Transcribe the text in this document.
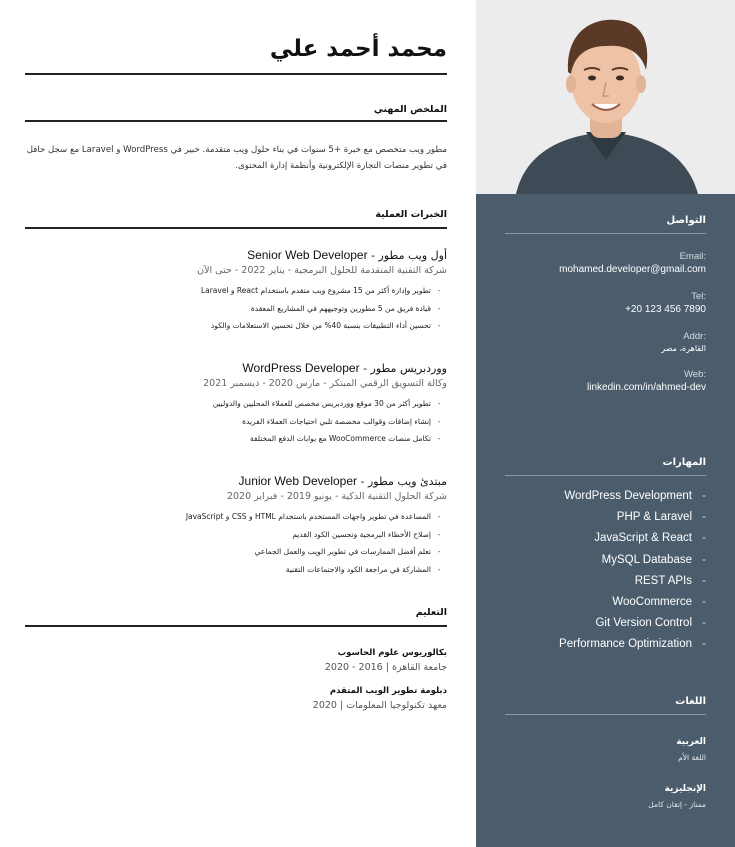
التواصل
Email:
mohamed.developer@gmail.com
Tel:
+20 123 456 7890
Addr:
القاهرة، مصر
Web:
linkedin.com/in/ahmed-dev
المهارات
WordPress Development -
PHP & Laravel -
JavaScript & React -
MySQL Database -
REST APIs -
WooCommerce -
Git Version Control -
Performance Optimization -
اللغات
العربية
اللغة الأم
الإنجليزية
ممتاز - إتقان كامل
محمد أحمد علي
الملخص المهني
مطور ويب متخصص مع خبرة +5 سنوات في بناء حلول ويب متقدمة. خبير في WordPress و Laravel مع سجل حافل في تطوير منصات التجارة الإلكترونية وأنظمة إدارة المحتوى.
الخبرات العملية
أول ويب مطور - Senior Web Developer
شركة التقنية المتقدمة للحلول البرمجية - يناير 2022 - حتى الآن
-تطوير وإدارة أكثر من 15 مشروع ويب متقدم باستخدام React و Laravel
-قيادة فريق من 5 مطورين وتوجيههم في المشاريع المعقدة
-تحسين أداء التطبيقات بنسبة 40% من خلال تحسين الاستعلامات والكود
ووردبريس مطور - WordPress Developer
وكالة التسويق الرقمي المبتكر - مارس 2020 - ديسمبر 2021
-تطوير أكثر من 30 موقع ووردبريس مخصص للعملاء المحليين والدوليين
-إنشاء إضافات وقوالب مخصصة تلبي احتياجات العملاء الفريدة
-تكامل منصات WooCommerce مع بوابات الدفع المختلفة
مبتدئ ويب مطور - Junior Web Developer
شركة الحلول التقنية الذكية - يونيو 2019 - فبراير 2020
-المساعدة في تطوير واجهات المستخدم باستخدام HTML و CSS و JavaScript
-إصلاح الأخطاء البرمجية وتحسين الكود القديم
-تعلم أفضل الممارسات في تطوير الويب والعمل الجماعي
-المشاركة في مراجعة الكود والاجتماعات التقنية
التعليم
بكالوريوس علوم الحاسوب
جامعة القاهرة | 2016 - 2020
دبلومة تطوير الويب المتقدم
معهد تكنولوجيا المعلومات | 2020
